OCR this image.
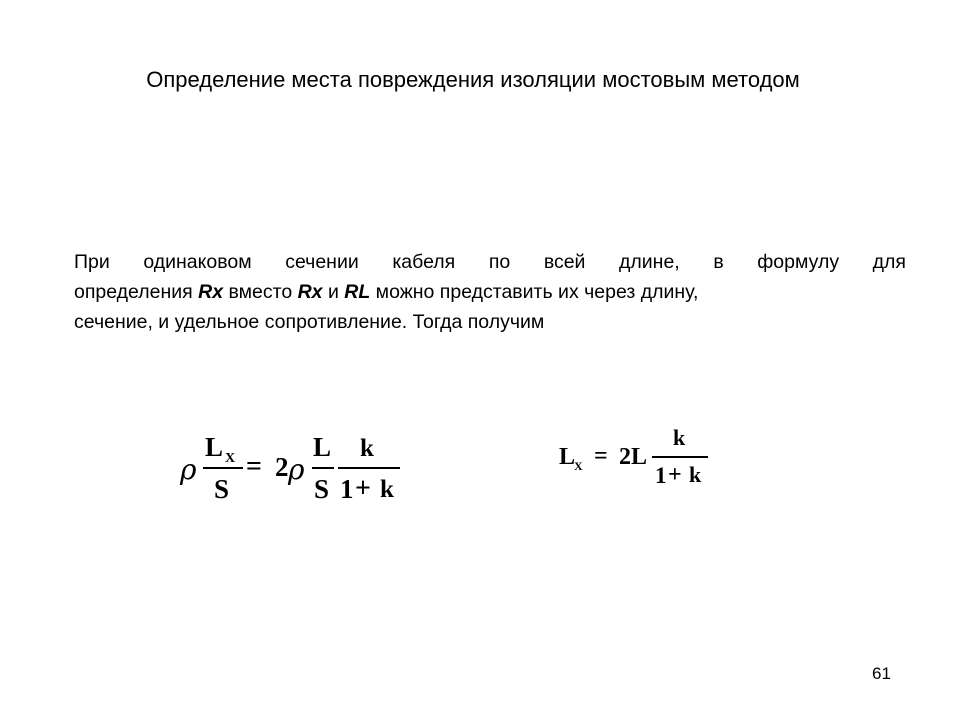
Определение места повреждения изоляции мостовым методом
При одинаковом сечении кабеля по всей длине, в формулу для
определения Rx вместо Rx и RL можно представить их через длину,
сечение, и удельное сопротивление. Тогда получим
ρ
L X
S
= 2 ρ
L
S
k
1 + k
L
X = 2L
k
1 + k
61
